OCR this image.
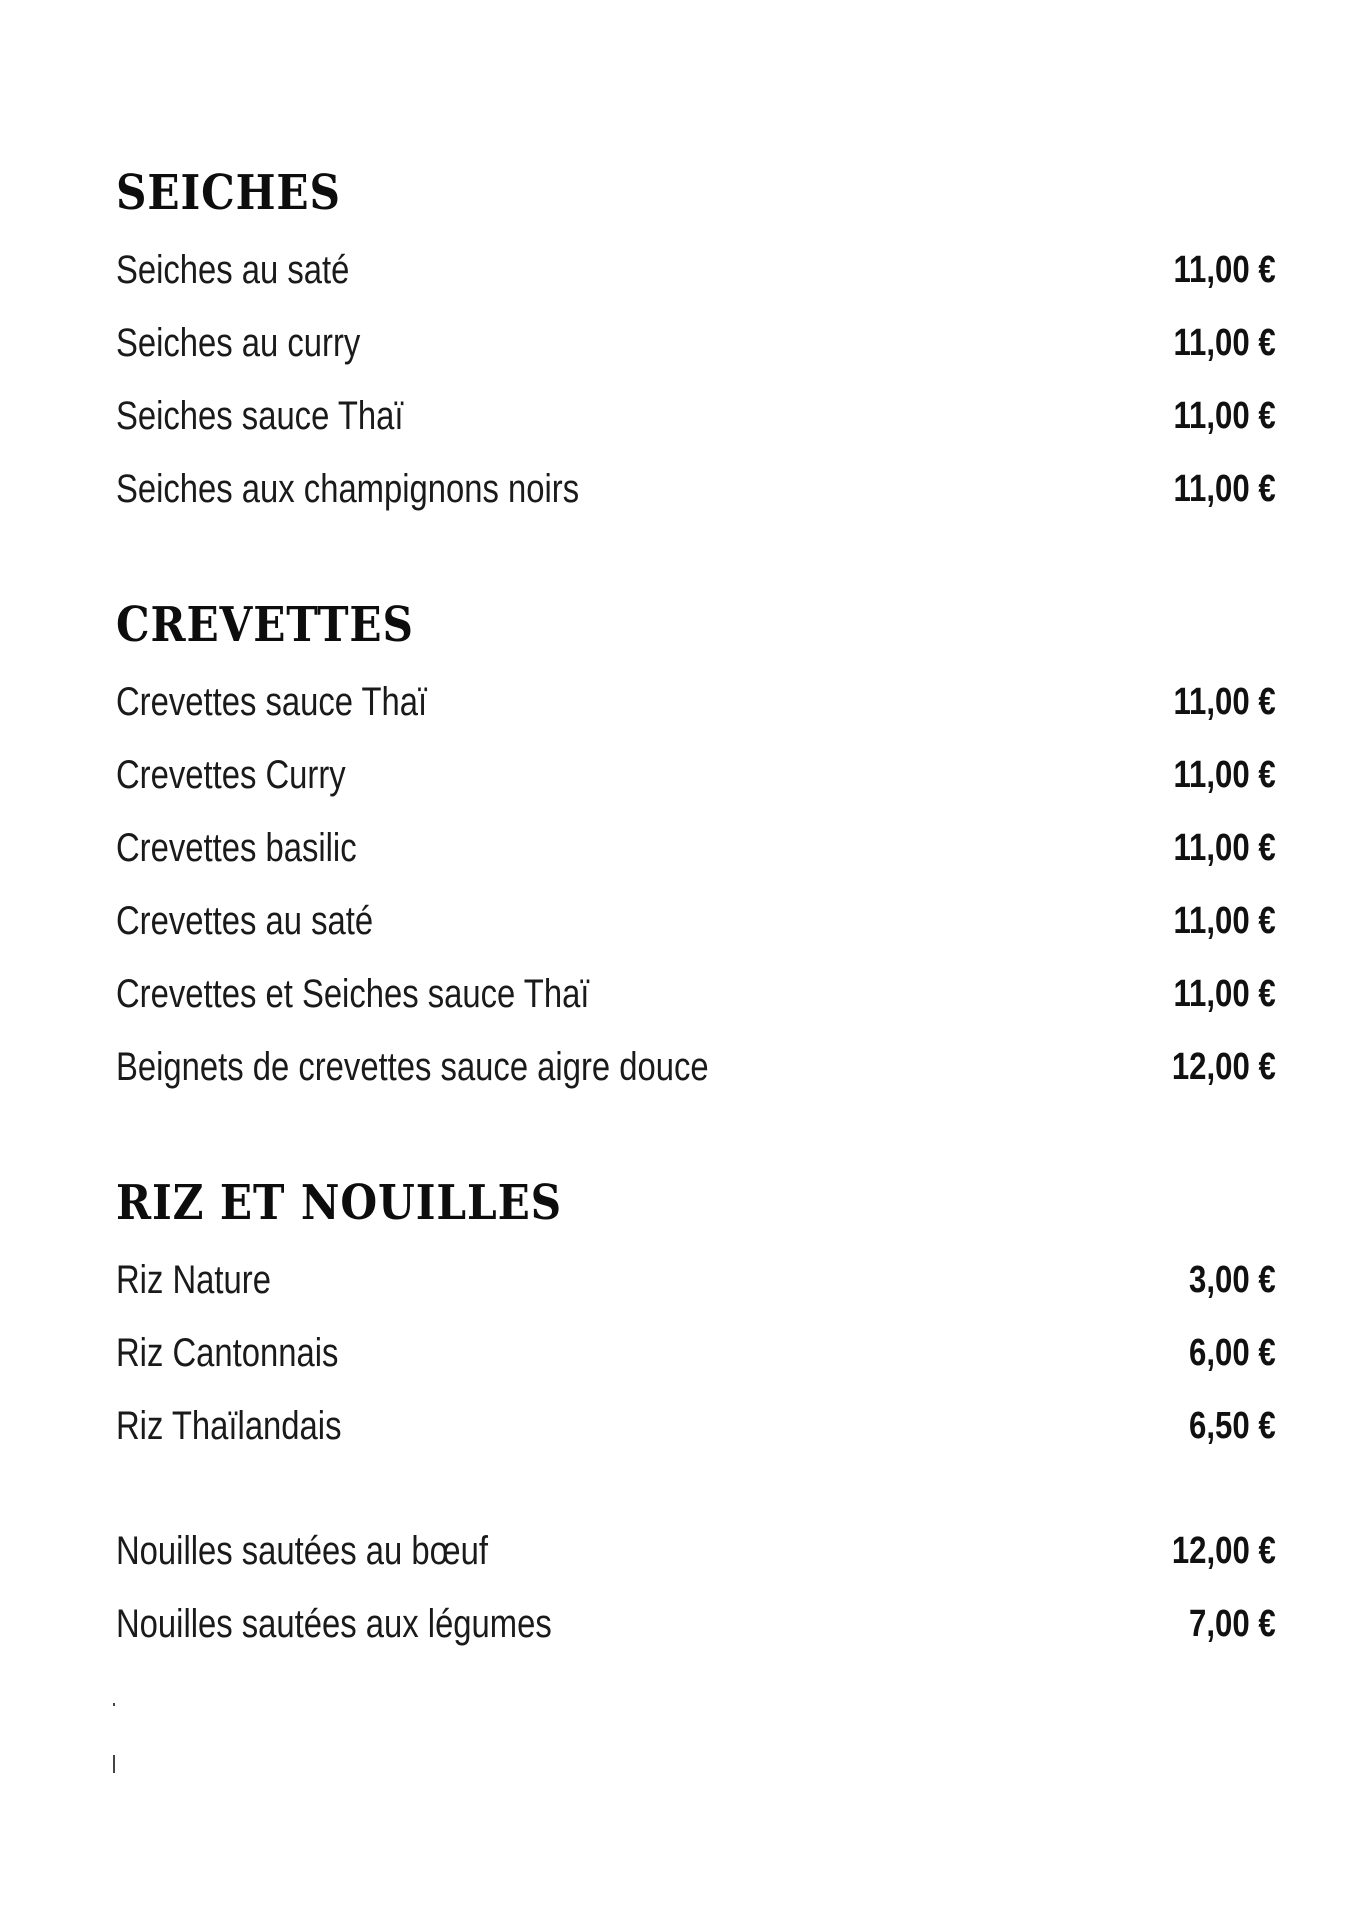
SEICHES
Seiches au saté	11,00 €
Seiches au curry	11,00 €
Seiches sauce Thaï	11,00 €
Seiches aux champignons noirs	11,00 €
CREVETTES
Crevettes sauce Thaï	11,00 €
Crevettes Curry	11,00 €
Crevettes basilic	11,00 €
Crevettes au saté	11,00 €
Crevettes et Seiches sauce Thaï	11,00 €
Beignets de crevettes sauce aigre douce	12,00 €
RIZ ET NOUILLES
Riz Nature	3,00 €
Riz Cantonnais	6,00 €
Riz Thaïlandais	6,50 €
Nouilles sautées au bœuf	12,00 €
Nouilles sautées aux légumes	7,00 €
